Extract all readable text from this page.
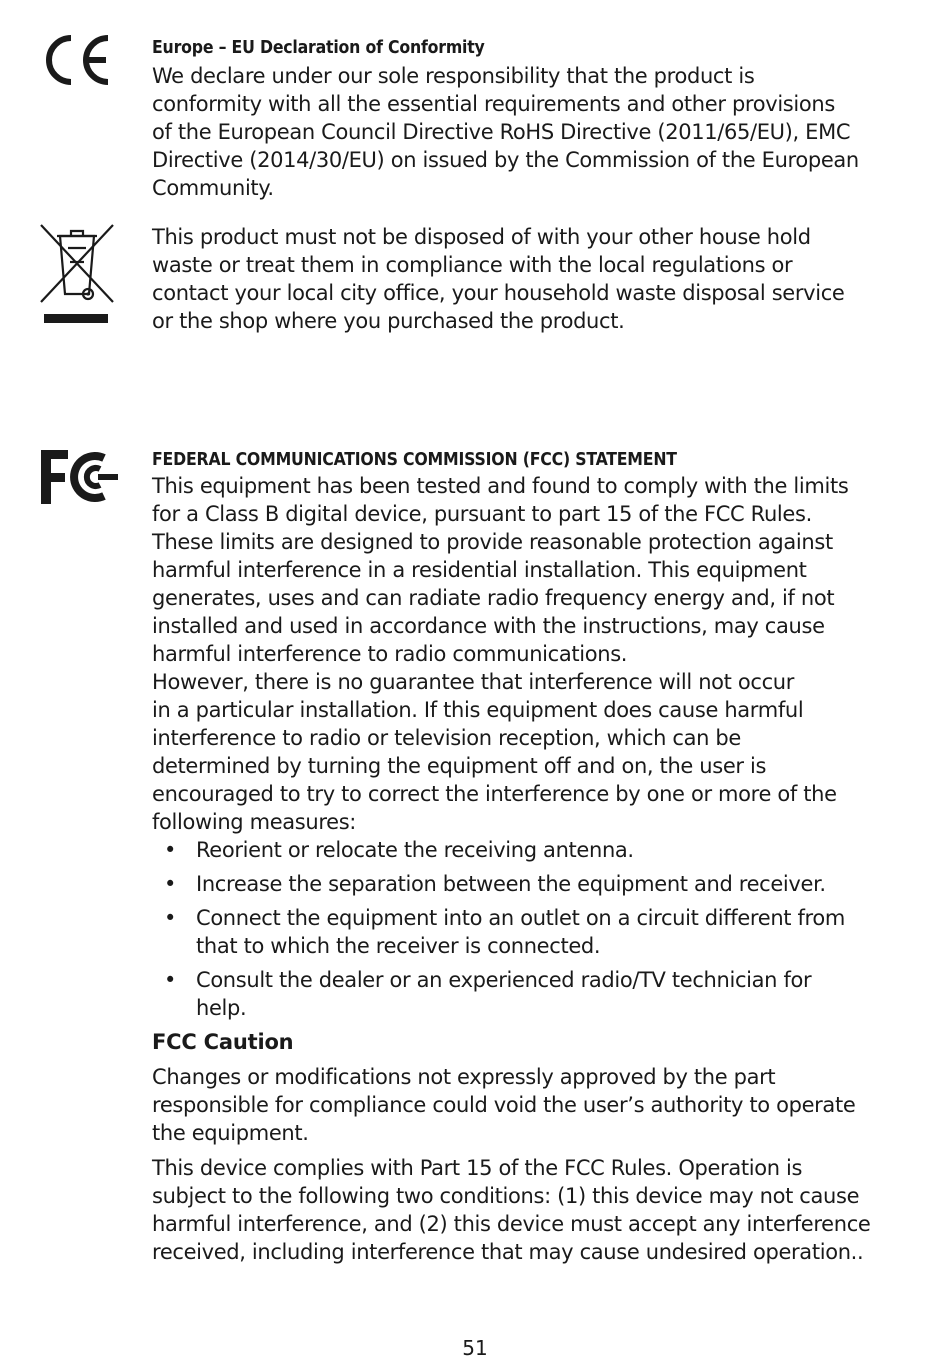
Europe – EU Declaration of Conformity

We declare under our sole responsibility that the product is
conformity with all the essential requirements and other provisions
of the European Council Directive RoHS Directive (2011/65/EU), EMC
Directive (2014/30/EU) on issued by the Commission of the European
Community.

This product must not be disposed of with your other house hold
waste or treat them in compliance with the local regulations or
contact your local city office, your household waste disposal service
or the shop where you purchased the product.

FEDERAL COMMUNICATIONS COMMISSION (FCC) STATEMENT

This equipment has been tested and found to comply with the limits
for a Class B digital device, pursuant to part 15 of the FCC Rules.
These limits are designed to provide reasonable protection against
harmful interference in a residential installation. This equipment
generates, uses and can radiate radio frequency energy and, if not
installed and used in accordance with the instructions, may cause
harmful interference to radio communications.
However, there is no guarantee that interference will not occur
in a particular installation. If this equipment does cause harmful
interference to radio or television reception, which can be
determined by turning the equipment off and on, the user is
encouraged to try to correct the interference by one or more of the
following measures:

• Reorient or relocate the receiving antenna.
• Increase the separation between the equipment and receiver.
• Connect the equipment into an outlet on a circuit different from
that to which the receiver is connected.
• Consult the dealer or an experienced radio/TV technician for
help.
FCC Caution

Changes or modifications not expressly approved by the part
responsible for compliance could void the user’s authority to operate
the equipment.

This device complies with Part 15 of the FCC Rules. Operation is
subject to the following two conditions: (1) this device may not cause
harmful interference, and (2) this device must accept any interference
received, including interference that may cause undesired operation..

51
